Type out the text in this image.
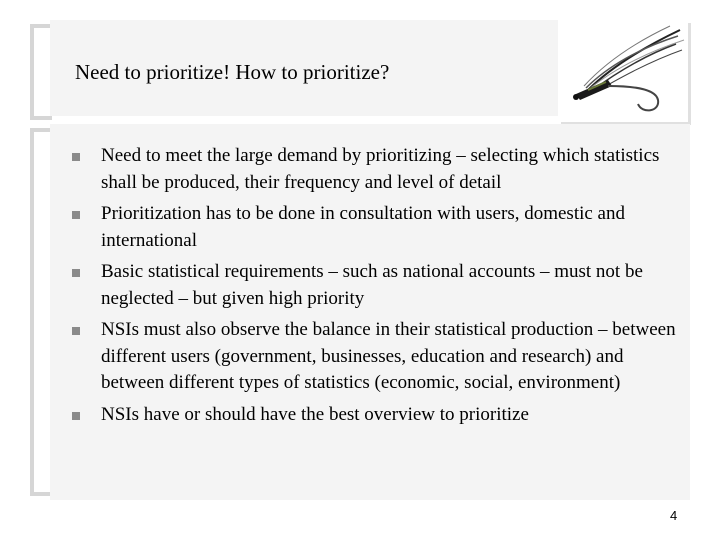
Need to prioritize! How to prioritize?
Need to meet the large demand by prioritizing – selecting which statistics shall be produced, their frequency and level of detail
Prioritization has to be done in consultation with users, domestic and international
Basic statistical requirements – such as national accounts – must not be neglected – but given high priority
NSIs must also observe the balance in their statistical production – between different users (government, businesses, education and research) and between different types of statistics (economic, social, environment)
NSIs have or should have the best overview to prioritize
4
